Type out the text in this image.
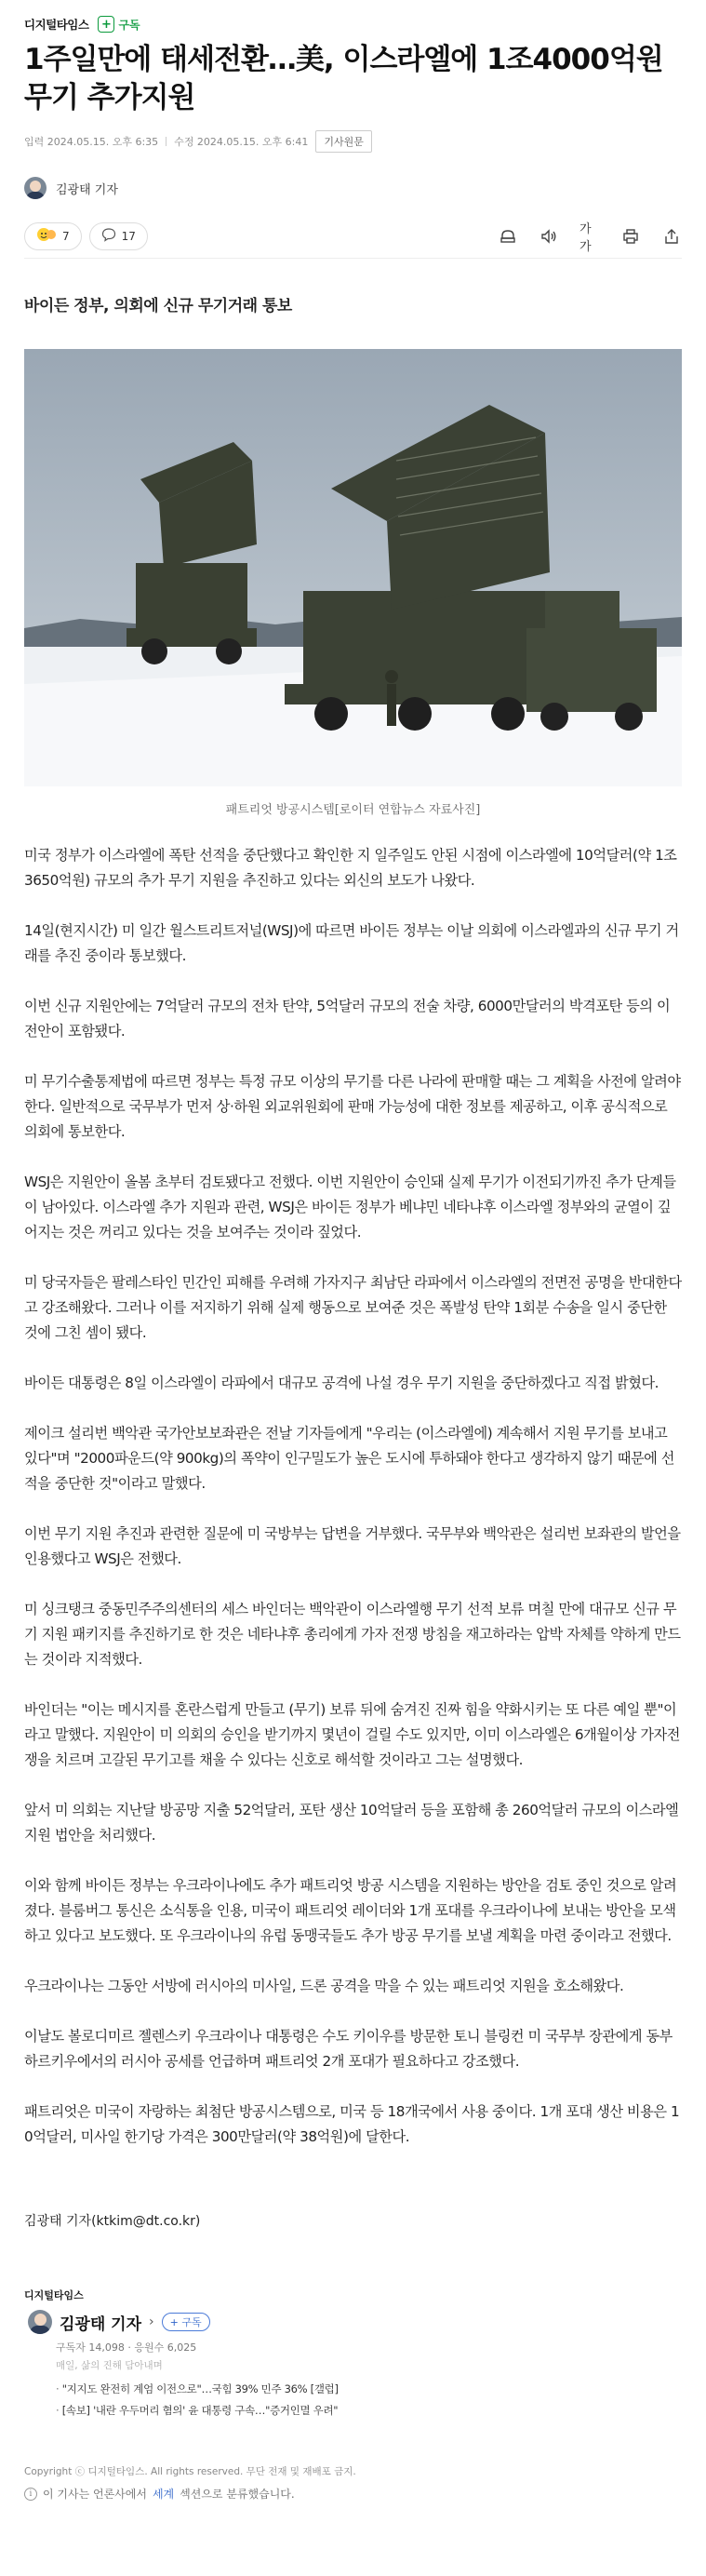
디지털타임스 + 구독
1주일만에 태세전환…美, 이스라엘에 1조4000억원 무기 추가지원
입력 2024.05.15. 오후 6:35 수정 2024.05.15. 오후 6:41	기사원문
김광태 기자
7	17	가가
바이든 정부, 의회에 신규 무기거래 통보

패트리엇 방공시스템[로이터 연합뉴스 자료사진]

미국 정부가 이스라엘에 폭탄 선적을 중단했다고 확인한 지 일주일도 안된 시점에 이스라엘에 10억달러(약 1조3650억원) 규모의 추가 무기 지원을 추진하고 있다는 외신의 보도가 나왔다.

14일(현지시간) 미 일간 월스트리트저널(WSJ)에 따르면 바이든 정부는 이날 의회에 이스라엘과의 신규 무기 거래를 추진 중이라 통보했다.

이번 신규 지원안에는 7억달러 규모의 전차 탄약, 5억달러 규모의 전술 차량, 6000만달러의 박격포탄 등의 이전안이 포함됐다.

미 무기수출통제법에 따르면 정부는 특정 규모 이상의 무기를 다른 나라에 판매할 때는 그 계획을 사전에 알려야 한다. 일반적으로 국무부가 먼저 상·하원 외교위원회에 판매 가능성에 대한 정보를 제공하고, 이후 공식적으로 의회에 통보한다.

WSJ은 지원안이 올봄 초부터 검토됐다고 전했다. 이번 지원안이 승인돼 실제 무기가 이전되기까진 추가 단계들이 남아있다. 이스라엘 추가 지원과 관련, WSJ은 바이든 정부가 베냐민 네타냐후 이스라엘 정부와의 균열이 깊어지는 것은 꺼리고 있다는 것을 보여주는 것이라 짚었다.

미 당국자들은 팔레스타인 민간인 피해를 우려해 가자지구 최남단 라파에서 이스라엘의 전면전 공명을 반대한다고 강조해왔다. 그러나 이를 저지하기 위해 실제 행동으로 보여준 것은 폭발성 탄약 1회분 수송을 일시 중단한 것에 그친 셈이 됐다.

바이든 대통령은 8일 이스라엘이 라파에서 대규모 공격에 나설 경우 무기 지원을 중단하겠다고 직접 밝혔다.

제이크 설리번 백악관 국가안보보좌관은 전날 기자들에게 "우리는 (이스라엘에) 계속해서 지원 무기를 보내고 있다"며 "2000파운드(약 900kg)의 폭약이 인구밀도가 높은 도시에 투하돼야 한다고 생각하지 않기 때문에 선적을 중단한 것"이라고 말했다.

이번 무기 지원 추진과 관련한 질문에 미 국방부는 답변을 거부했다. 국무부와 백악관은 설리번 보좌관의 발언을 인용했다고 WSJ은 전했다.

미 싱크탱크 중동민주주의센터의 세스 바인더는 백악관이 이스라엘행 무기 선적 보류 며칠 만에 대규모 신규 무기 지원 패키지를 추진하기로 한 것은 네타냐후 총리에게 가자 전쟁 방침을 재고하라는 압박 자체를 약하게 만드는 것이라 지적했다.

바인더는 "이는 메시지를 혼란스럽게 만들고 (무기) 보류 뒤에 숨겨진 진짜 힘을 약화시키는 또 다른 예일 뿐"이라고 말했다. 지원안이 미 의회의 승인을 받기까지 몇년이 걸릴 수도 있지만, 이미 이스라엘은 6개월이상 가자전쟁을 치르며 고갈된 무기고를 채울 수 있다는 신호로 해석할 것이라고 그는 설명했다.

앞서 미 의회는 지난달 방공망 지출 52억달러, 포탄 생산 10억달러 등을 포함해 총 260억달러 규모의 이스라엘 지원 법안을 처리했다.

이와 함께 바이든 정부는 우크라이나에도 추가 패트리엇 방공 시스템을 지원하는 방안을 검토 중인 것으로 알려졌다. 블룸버그 통신은 소식통을 인용, 미국이 패트리엇 레이더와 1개 포대를 우크라이나에 보내는 방안을 모색하고 있다고 보도했다. 또 우크라이나의 유럽 동맹국들도 추가 방공 무기를 보낼 계획을 마련 중이라고 전했다.

우크라이나는 그동안 서방에 러시아의 미사일, 드론 공격을 막을 수 있는 패트리엇 지원을 호소해왔다.

이날도 볼로디미르 젤렌스키 우크라이나 대통령은 수도 키이우를 방문한 토니 블링컨 미 국무부 장관에게 동부 하르키우에서의 러시아 공세를 언급하며 패트리엇 2개 포대가 필요하다고 강조했다.

패트리엇은 미국이 자랑하는 최첨단 방공시스템으로, 미국 등 18개국에서 사용 중이다. 1개 포대 생산 비용은 10억달러, 미사일 한기당 가격은 300만달러(약 38억원)에 달한다.

김광태 기자(ktkim@dt.co.kr)

디지털타임스
김광태 기자 ›	+ 구독
구독자 14,098 · 응원수 6,025
매일, 삶의 진해 담아내며
· "지지도 완전히 계엄 이전으로"…국힘 39% 민주 36% [갤럽]
· [속보] '내란 우두머리 혐의' 윤 대통령 구속…"증거인멸 우려"

Copyright ⓒ 디지털타임스. All rights reserved. 무단 전재 및 재배포 금지.

i 이 기사는 언론사에서 세계 섹션으로 분류했습니다.
